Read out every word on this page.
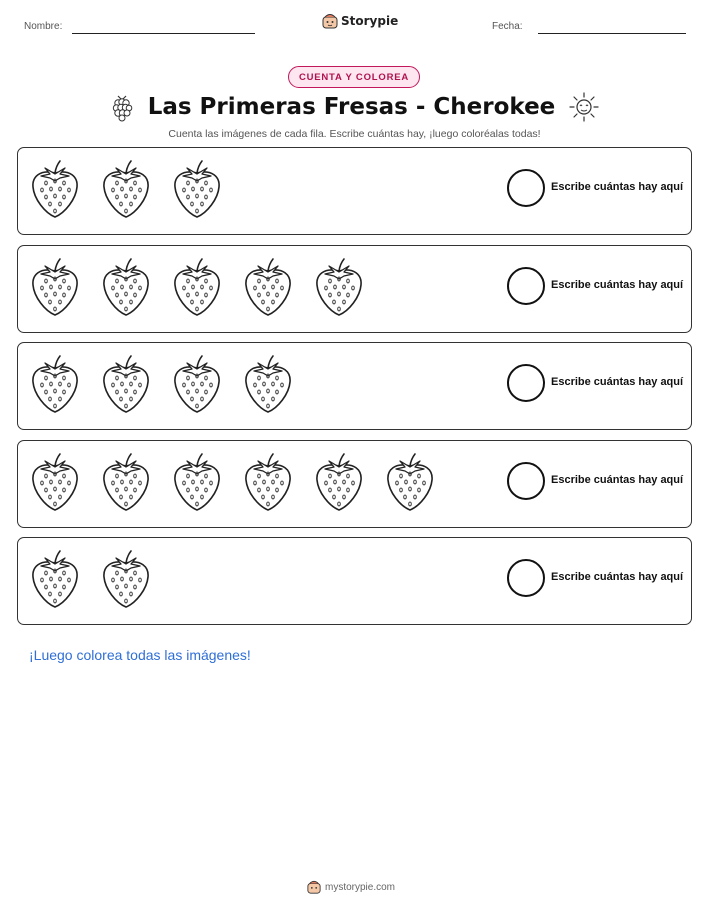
Nombre:	Storypie	Fecha:
CUENTA Y COLOREA
Las Primeras Fresas - Cherokee
Cuenta las imágenes de cada fila. Escribe cuántas hay, ¡luego coloréalas todas!
Escribe cuántas hay aquí
Escribe cuántas hay aquí
Escribe cuántas hay aquí
Escribe cuántas hay aquí
Escribe cuántas hay aquí
¡Luego colorea todas las imágenes!
mystorypie.com
